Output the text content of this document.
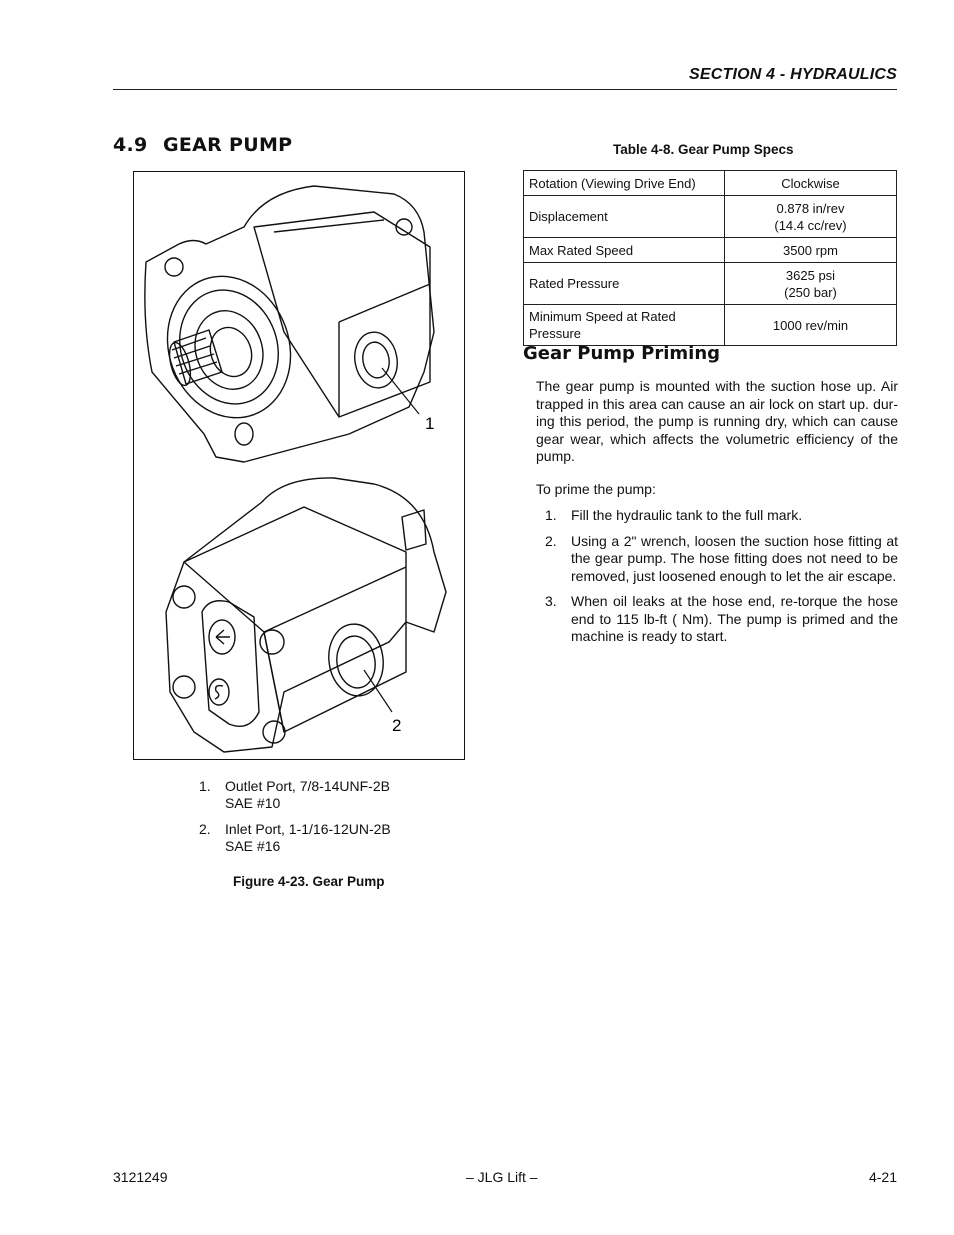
SECTION 4 - HYDRAULICS
4.9 GEAR PUMP
1
2
1. Outlet Port, 7/8-14UNF-2B
SAE #10
2. Inlet Port, 1-1/16-12UN-2B
SAE #16
Figure 4-23. Gear Pump
Table 4-8. Gear Pump Specs
Rotation (Viewing Drive End)	Clockwise

Displacement	0.878 in/rev
(14.4 cc/rev)

Max Rated Speed	3500 rpm

Rated Pressure	3625 psi
(250 bar)

Minimum Speed at Rated Pressure	1000 rev/min
Gear Pump Priming
The gear pump is mounted with the suction hose up. Air trapped in this area can cause an air lock on start up. dur-ing this period, the pump is running dry, which can cause gear wear, which affects the volumetric efficiency of the pump.
To prime the pump:
1. Fill the hydraulic tank to the full mark.
2. Using a 2" wrench, loosen the suction hose fitting at the gear pump. The hose fitting does not need to be removed, just loosened enough to let the air escape.
3. When oil leaks at the hose end, re-torque the hose end to 115 lb-ft ( Nm). The pump is primed and the machine is ready to start.
3121249	– JLG Lift –	4-21
